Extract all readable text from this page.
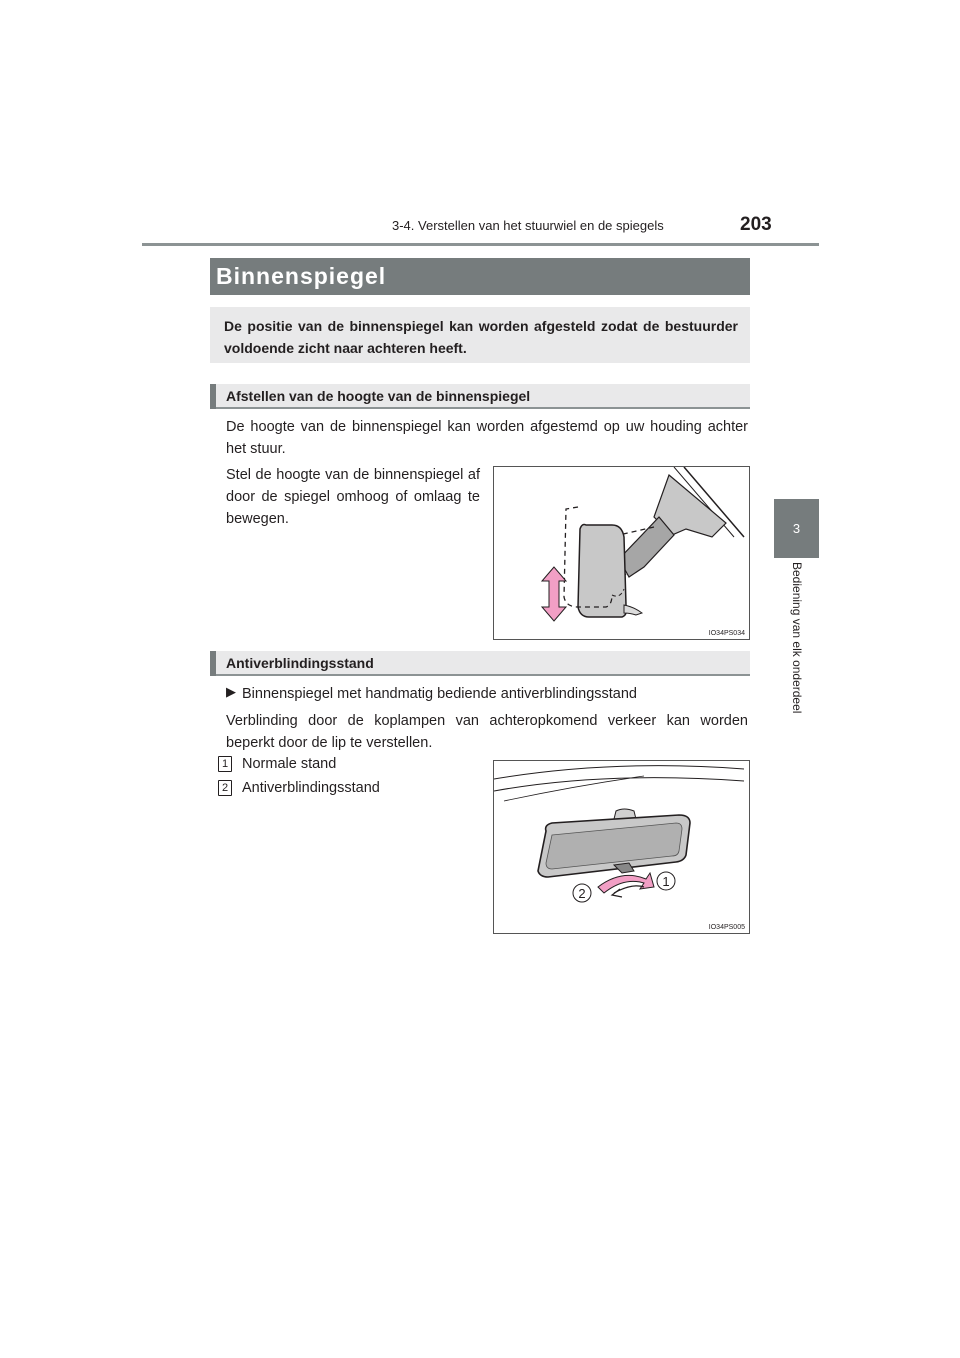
3-4. Verstellen van het stuurwiel en de spiegels	203
3
Bediening van elk onderdeel
Binnenspiegel
De positie van de binnenspiegel kan worden afgesteld zodat de bestuurder voldoende zicht naar achteren heeft.
Afstellen van de hoogte van de binnenspiegel
De hoogte van de binnenspiegel kan worden afgestemd op uw houding achter het stuur.
Stel de hoogte van de binnenspiegel af door de spiegel omhoog of omlaag te bewegen.
IO34PS034
Antiverblindingsstand
▶ Binnenspiegel met handmatig bediende antiverblindingsstand
Verblinding door de koplampen van achteropkomend verkeer kan worden beperkt door de lip te verstellen.
1 Normale stand
2 Antiverblindingsstand
1
2
IO34PS005
